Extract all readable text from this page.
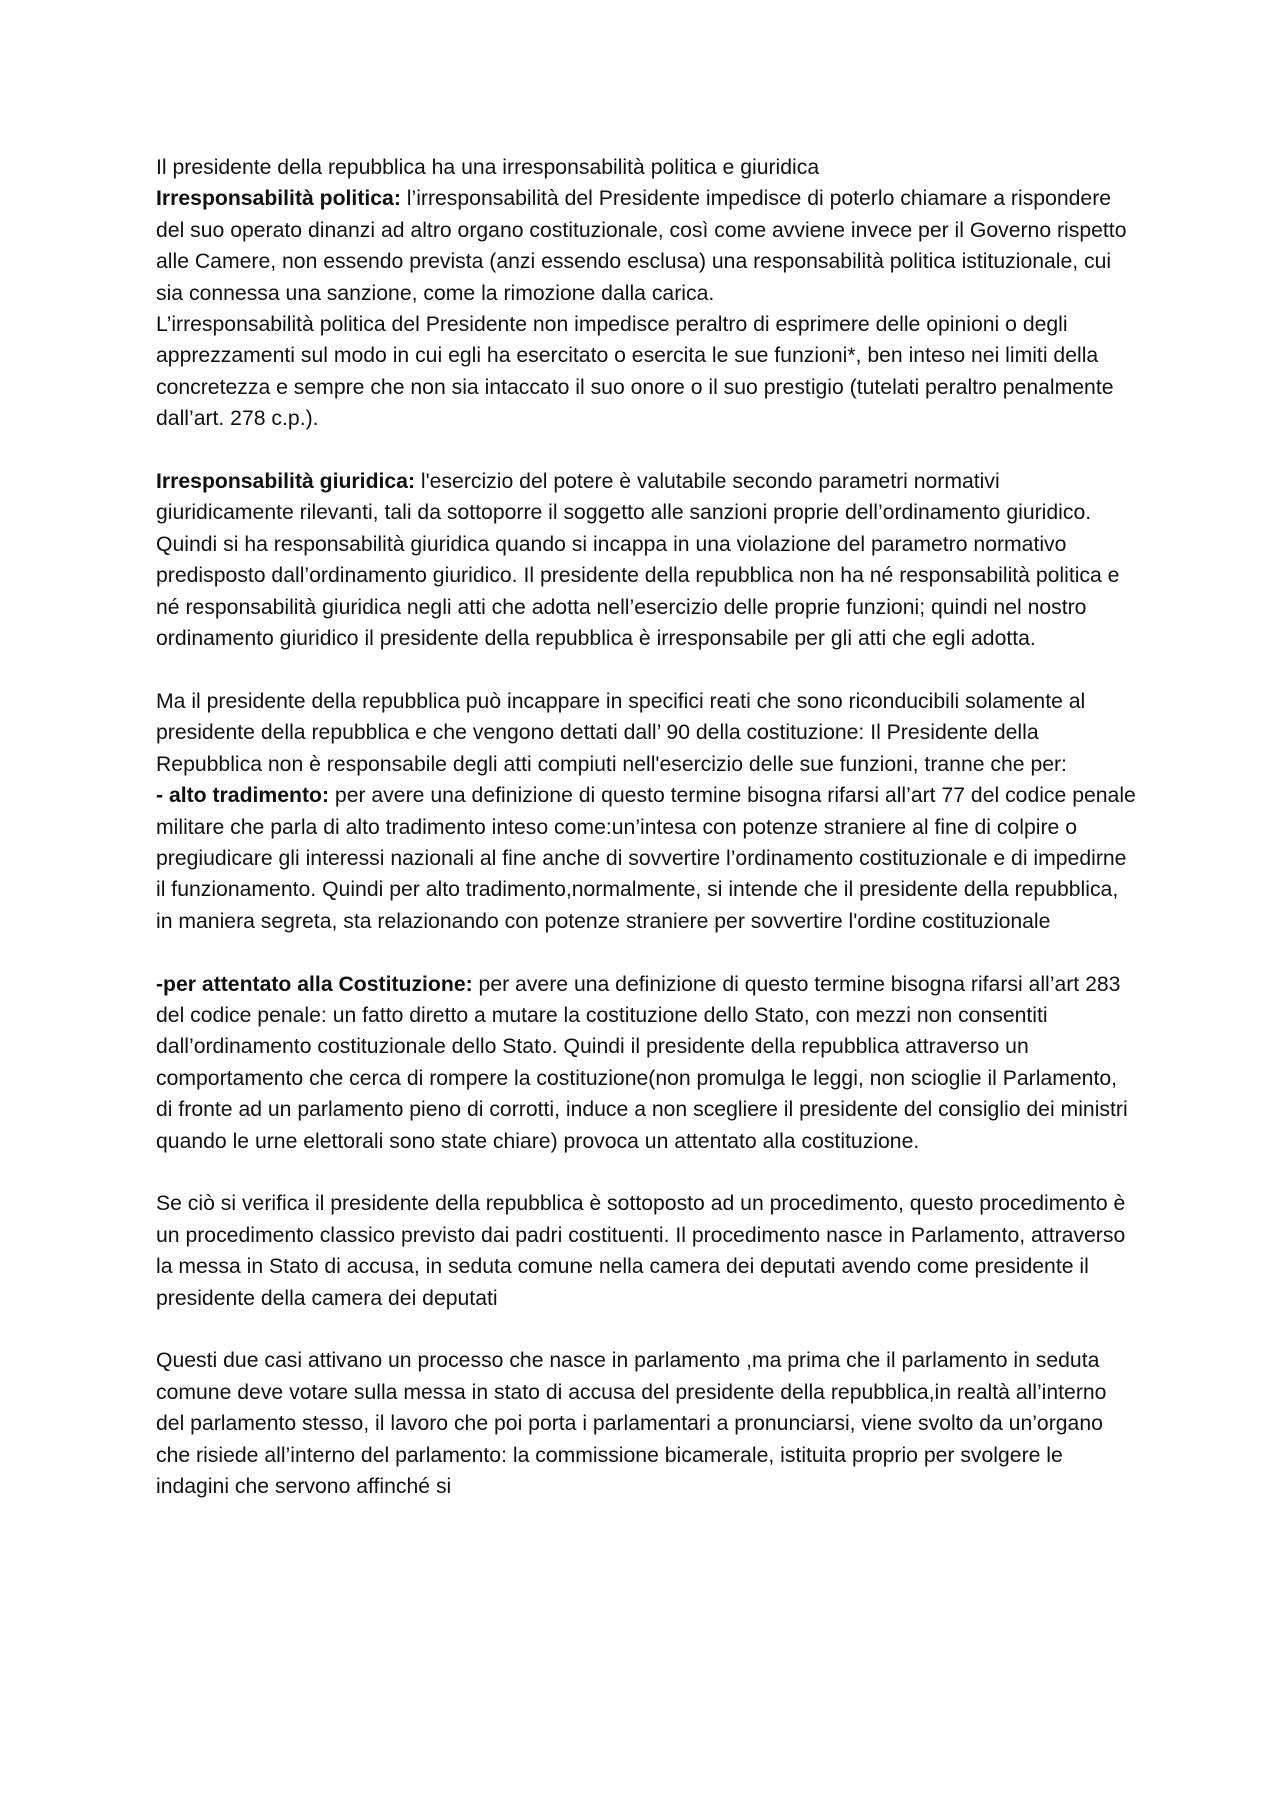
Il presidente della repubblica ha una irresponsabilità politica e giuridica

Irresponsabilità politica: l’irresponsabilità del Presidente impedisce di poterlo chiamare a rispondere del suo operato dinanzi ad altro organo costituzionale, così come avviene invece per il Governo rispetto alle Camere, non essendo prevista (anzi essendo esclusa) una responsabilità politica istituzionale, cui sia connessa una sanzione, come la rimozione dalla carica.

L’irresponsabilità politica del Presidente non impedisce peraltro di esprimere delle opinioni o degli apprezzamenti sul modo in cui egli ha esercitato o esercita le sue funzioni*, ben inteso nei limiti della concretezza e sempre che non sia intaccato il suo onore o il suo prestigio (tutelati peraltro penalmente dall’art. 278 c.p.).

Irresponsabilità giuridica: l'esercizio del potere è valutabile secondo parametri normativi giuridicamente rilevanti, tali da sottoporre il soggetto alle sanzioni proprie dell’ordinamento giuridico. Quindi si ha responsabilità giuridica quando si incappa in una violazione del parametro normativo predisposto dall’ordinamento giuridico. Il presidente della repubblica non ha né responsabilità politica e né responsabilità giuridica negli atti che adotta nell’esercizio delle proprie funzioni; quindi nel nostro ordinamento giuridico il presidente della repubblica è irresponsabile per gli atti che egli adotta.

Ma il presidente della repubblica può incappare in specifici reati che sono riconducibili solamente al presidente della repubblica e che vengono dettati dall’ 90 della costituzione: Il Presidente della Repubblica non è responsabile degli atti compiuti nell'esercizio delle sue funzioni, tranne che per:

- alto tradimento: per avere una definizione di questo termine bisogna rifarsi all’art 77 del codice penale militare che parla di alto tradimento inteso come:un’intesa con potenze straniere al fine di colpire o pregiudicare gli interessi nazionali al fine anche di sovvertire l’ordinamento costituzionale e di impedirne il funzionamento. Quindi per alto tradimento,normalmente, si intende che il presidente della repubblica, in maniera segreta, sta relazionando con potenze straniere per sovvertire l'ordine costituzionale

-per attentato alla Costituzione: per avere una definizione di questo termine bisogna rifarsi all’art 283 del codice penale: un fatto diretto a mutare la costituzione dello Stato, con mezzi non consentiti dall’ordinamento costituzionale dello Stato. Quindi il presidente della repubblica attraverso un comportamento che cerca di rompere la costituzione(non promulga le leggi, non scioglie il Parlamento, di fronte ad un parlamento pieno di corrotti, induce a non scegliere il presidente del consiglio dei ministri quando le urne elettorali sono state chiare) provoca un attentato alla costituzione.

Se ciò si verifica il presidente della repubblica è sottoposto ad un procedimento, questo procedimento è un procedimento classico previsto dai padri costituenti. Il procedimento nasce in Parlamento, attraverso la messa in Stato di accusa, in seduta comune nella camera dei deputati avendo come presidente il presidente della camera dei deputati

Questi due casi attivano un processo che nasce in parlamento ,ma prima che il parlamento in seduta comune deve votare sulla messa in stato di accusa del presidente della repubblica,in realtà all’interno del parlamento stesso, il lavoro che poi porta i parlamentari a pronunciarsi, viene svolto da un’organo che risiede all’interno del parlamento: la commissione bicamerale, istituita proprio per svolgere le indagini che servono affinché si
